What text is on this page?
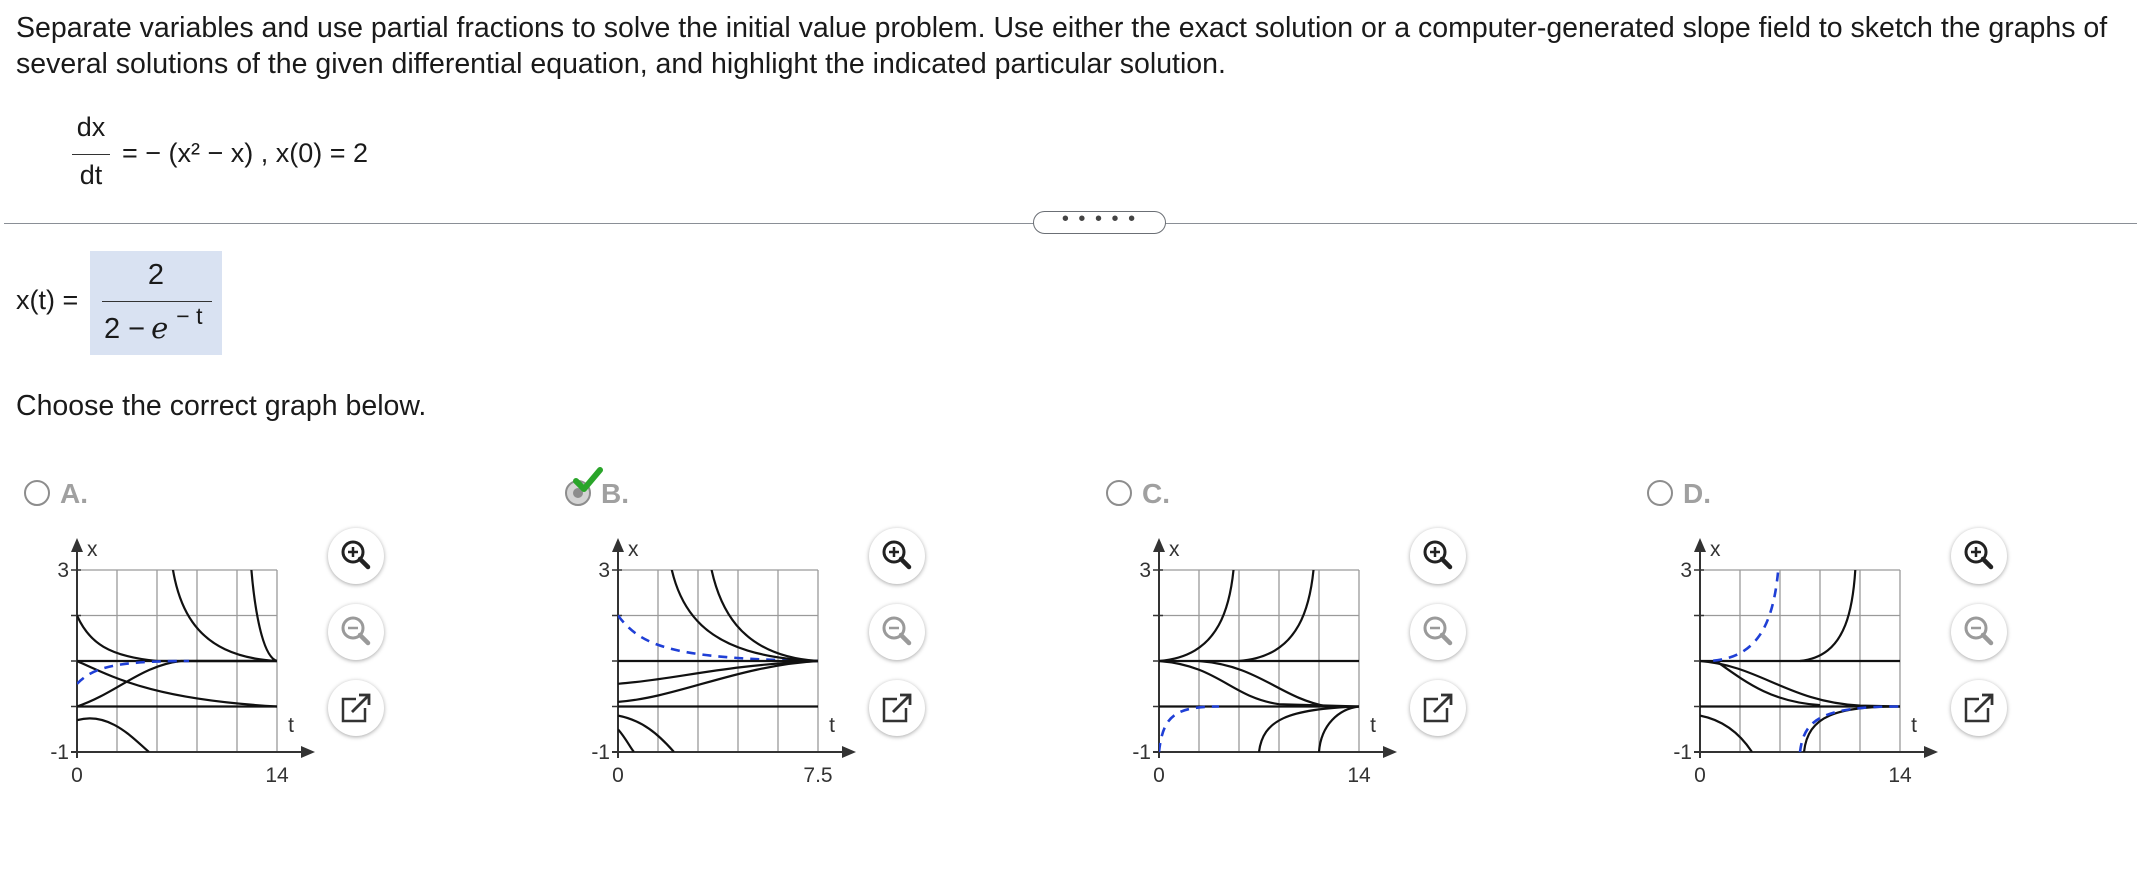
Separate variables and use partial fractions to solve the initial value problem. Use either the exact solution or a computer-generated slope field to sketch the graphs of several solutions of the given differential equation, and highlight the indicated particular solution.

dx
dt
= − (x² − x) , x(0) = 2
• • • • •
x(t) =
2
2 − e $^{- t}$
Choose the correct graph below.
A.
x
3
-1
t
0	14
B.
x
3
-1
t
0	7.5
C.
x
3
-1
t
0	14
D.
x
3
-1
t
0	14
